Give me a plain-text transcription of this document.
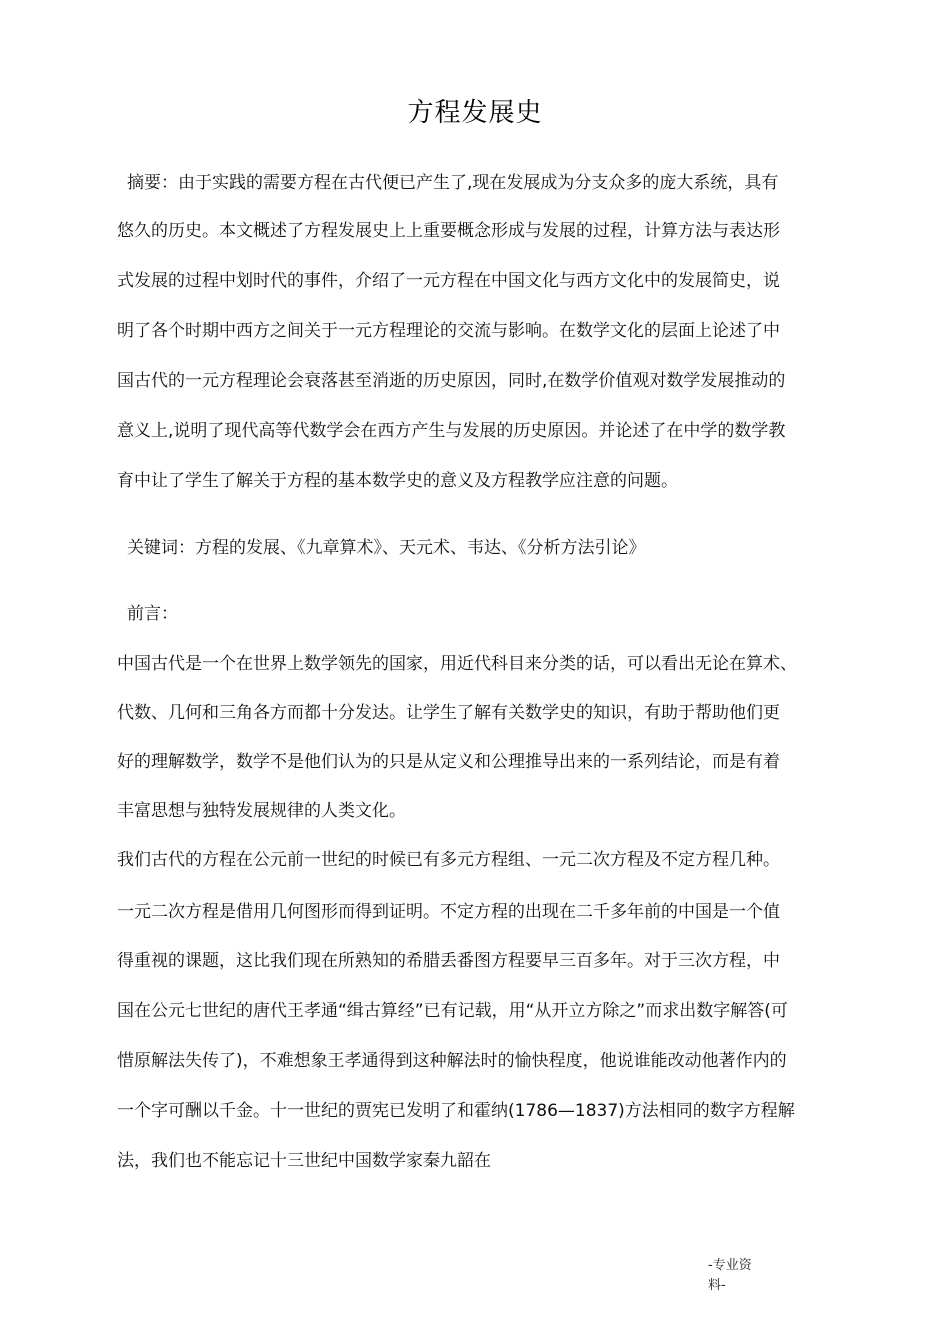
方程发展史
摘要：由于实践的需要方程在古代便已产生了,现在发展成为分支众多的庞大系统，具有
悠久的历史。本文概述了方程发展史上上重要概念形成与发展的过程，计算方法与表达形
式发展的过程中划时代的事件，介绍了一元方程在中国文化与西方文化中的发展简史，说
明了各个时期中西方之间关于一元方程理论的交流与影响。在数学文化的层面上论述了中
国古代的一元方程理论会衰落甚至消逝的历史原因，同时,在数学价值观对数学发展推动的
意义上,说明了现代高等代数学会在西方产生与发展的历史原因。并论述了在中学的数学教
育中让了学生了解关于方程的基本数学史的意义及方程教学应注意的问题。
关键词：方程的发展、《九章算术》、天元术、韦达、《分析方法引论》
前言：
中国古代是一个在世界上数学领先的国家，用近代科目来分类的话，可以看出无论在算术、
代数、几何和三角各方而都十分发达。让学生了解有关数学史的知识，有助于帮助他们更
好的理解数学，数学不是他们认为的只是从定义和公理推导出来的一系列结论，而是有着
丰富思想与独特发展规律的人类文化。
我们古代的方程在公元前一世纪的时候已有多元方程组、一元二次方程及不定方程几种。
一元二次方程是借用几何图形而得到证明。不定方程的出现在二千多年前的中国是一个值
得重视的课题，这比我们现在所熟知的希腊丢番图方程要早三百多年。对于三次方程，中
国在公元七世纪的唐代王孝通“缉古算经”已有记载，用“从开立方除之”而求出数字解答(可
惜原解法失传了)，不难想象王孝通得到这种解法时的愉快程度，他说谁能改动他著作内的
一个字可酬以千金。十一世纪的贾宪已发明了和霍纳(1786—1837)方法相同的数字方程解
法，我们也不能忘记十三世纪中国数学家秦九韶在
-专业资
料-
